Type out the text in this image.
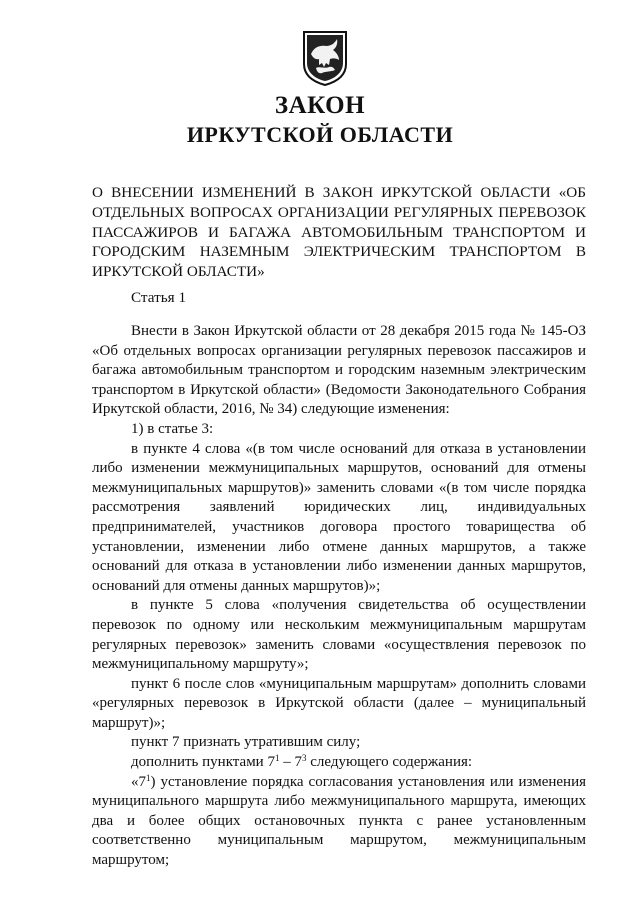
ЗАКОН
ИРКУТСКОЙ ОБЛАСТИ
О ВНЕСЕНИИ ИЗМЕНЕНИЙ В ЗАКОН ИРКУТСКОЙ ОБЛАСТИ «ОБ ОТДЕЛЬНЫХ ВОПРОСАХ ОРГАНИЗАЦИИ РЕГУЛЯРНЫХ ПЕРЕВОЗОК ПАССАЖИРОВ И БАГАЖА АВТОМОБИЛЬНЫМ ТРАНСПОРТОМ И ГОРОДСКИМ НАЗЕМНЫМ ЭЛЕКТРИЧЕСКИМ ТРАНСПОРТОМ В ИРКУТСКОЙ ОБЛАСТИ»
Статья 1

Внести в Закон Иркутской области от 28 декабря 2015 года № 145-ОЗ «Об отдельных вопросах организации регулярных перевозок пассажиров и багажа автомобильным транспортом и городским наземным электрическим транспортом в Иркутской области» (Ведомости Законодательного Собрания Иркутской области, 2016, № 34) следующие изменения:

1) в статье 3:

в пункте 4 слова «(в том числе оснований для отказа в установлении либо изменении межмуниципальных маршрутов, оснований для отмены межмуниципальных маршрутов)» заменить словами «(в том числе порядка рассмотрения заявлений юридических лиц, индивидуальных предпринимателей, участников договора простого товарищества об установлении, изменении либо отмене данных маршрутов, а также оснований для отказа в установлении либо изменении данных маршрутов, оснований для отмены данных маршрутов)»;

в пункте 5 слова «получения свидетельства об осуществлении перевозок по одному или нескольким межмуниципальным маршрутам регулярных перевозок» заменить словами «осуществления перевозок по межмуниципальному маршруту»;

пункт 6 после слов «муниципальным маршрутам» дополнить словами «регулярных перевозок в Иркутской области (далее – муниципальный маршрут)»;

пункт 7 признать утратившим силу;

дополнить пунктами $7^1 - 7^3$ следующего содержания:

«$7^1$) установление порядка согласования установления или изменения муниципального маршрута либо межмуниципального маршрута, имеющих два и более общих остановочных пункта с ранее установленным соответственно муниципальным маршрутом, межмуниципальным маршрутом;
